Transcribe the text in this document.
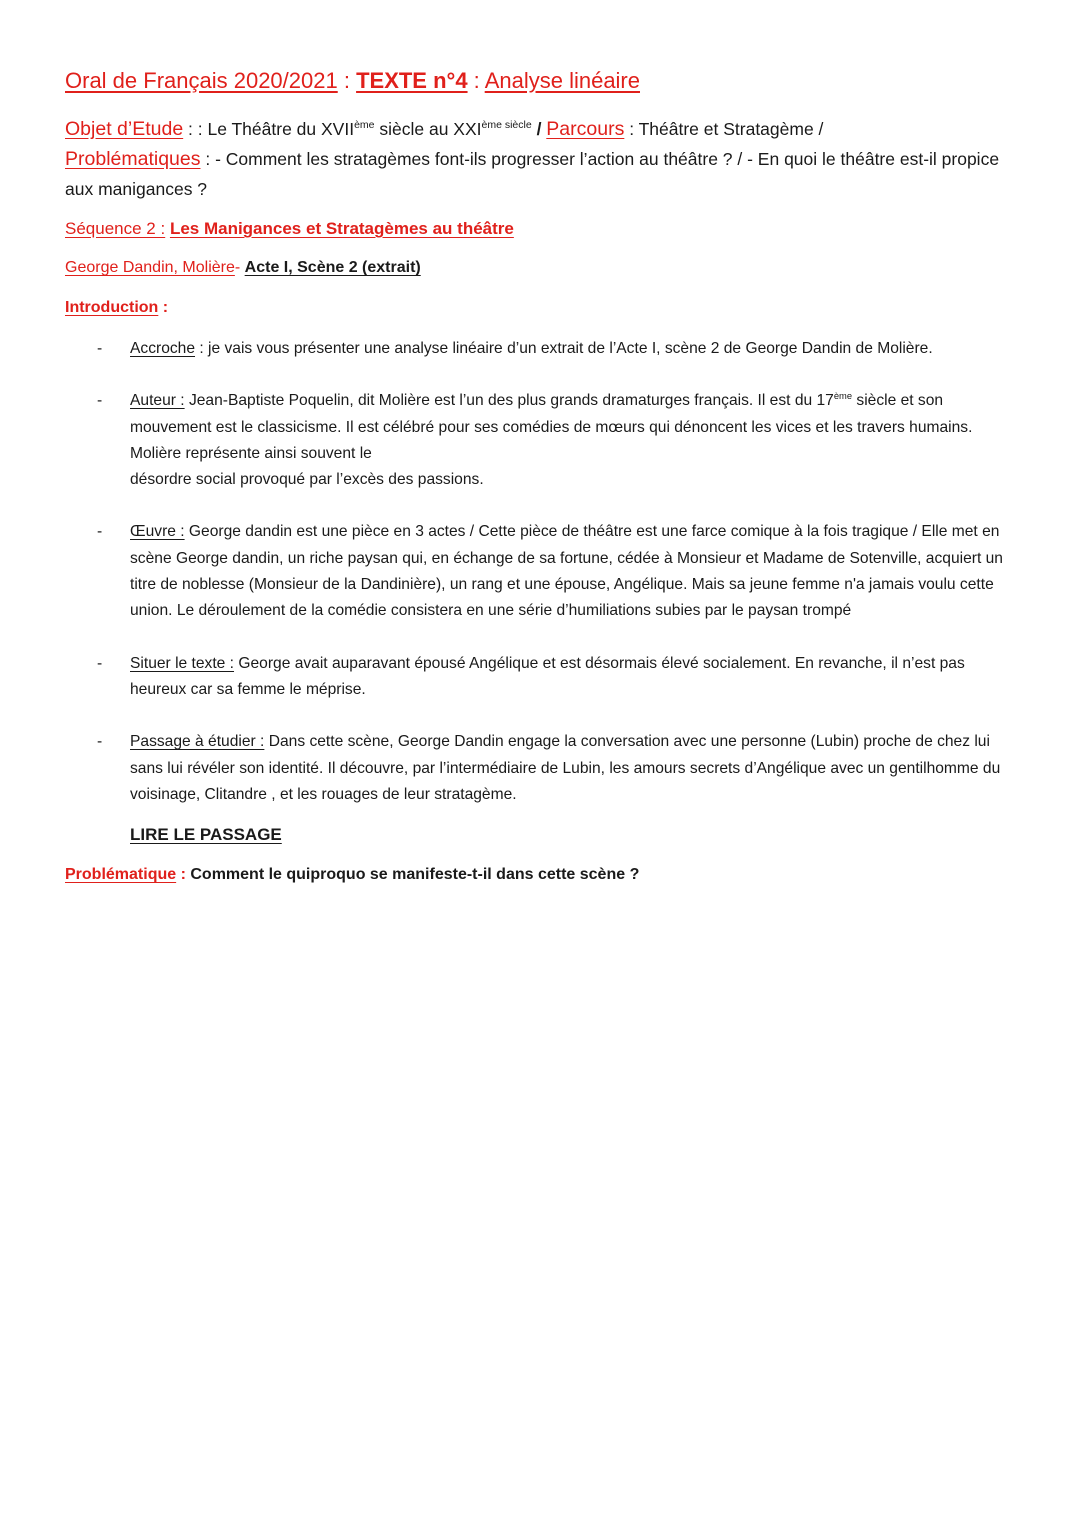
Oral de Français 2020/2021 : TEXTE n°4 : Analyse linéaire
Objet d’Etude : : Le Théâtre du XVIIème siècle au $XXI^{ème siècle}$ / Parcours : Théâtre et Stratagème /
Problématiques : - Comment les stratagèmes font-ils progresser l’action au théâtre ? / - En quoi le théâtre est-il propice aux manigances ?
Séquence 2 : Les Manigances et Stratagèmes au théâtre
George Dandin, Molière- Acte I, Scène 2 (extrait)
Introduction :
- Accroche : je vais vous présenter une analyse linéaire d’un extrait de l’Acte I, scène 2 de George Dandin de Molière.
- Auteur : Jean-Baptiste Poquelin, dit Molière est l’un des plus grands dramaturges français. Il est du 17ème siècle et son mouvement est le classicisme. Il est célébré pour ses comédies de mœurs qui dénoncent les vices et les travers humains. Molière représente ainsi souvent le
désordre social provoqué par l’excès des passions.
- Œuvre : George dandin est une pièce en 3 actes / Cette pièce de théâtre est une farce comique à la fois tragique / Elle met en scène George dandin, un riche paysan qui, en échange de sa fortune, cédée à Monsieur et Madame de Sotenville, acquiert un titre de noblesse (Monsieur de la Dandinière), un rang et une épouse, Angélique. Mais sa jeune femme n'a jamais voulu cette union. Le déroulement de la comédie consistera en une série d’humiliations subies par le paysan trompé
- Situer le texte : George avait auparavant épousé Angélique et est désormais élevé socialement. En revanche, il n’est pas heureux car sa femme le méprise.
- Passage à étudier : Dans cette scène, George Dandin engage la conversation avec une personne (Lubin) proche de chez lui sans lui révéler son identité. Il découvre, par l’intermédiaire de Lubin, les amours secrets d’Angélique avec un gentilhomme du voisinage, Clitandre , et les rouages de leur stratagème.
LIRE LE PASSAGE
Problématique : Comment le quiproquo se manifeste-t-il dans cette scène ?
